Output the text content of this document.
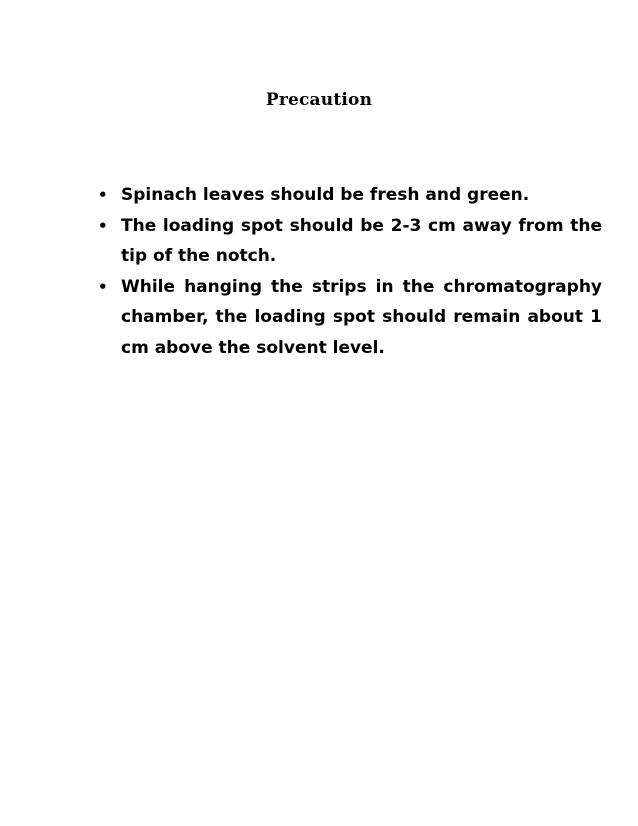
Precaution
• Spinach leaves should be fresh and green.
• The loading spot should be 2-3 cm away from the tip of the notch.
• While hanging the strips in the chromatography chamber, the loading spot should remain about 1 cm above the solvent level.
